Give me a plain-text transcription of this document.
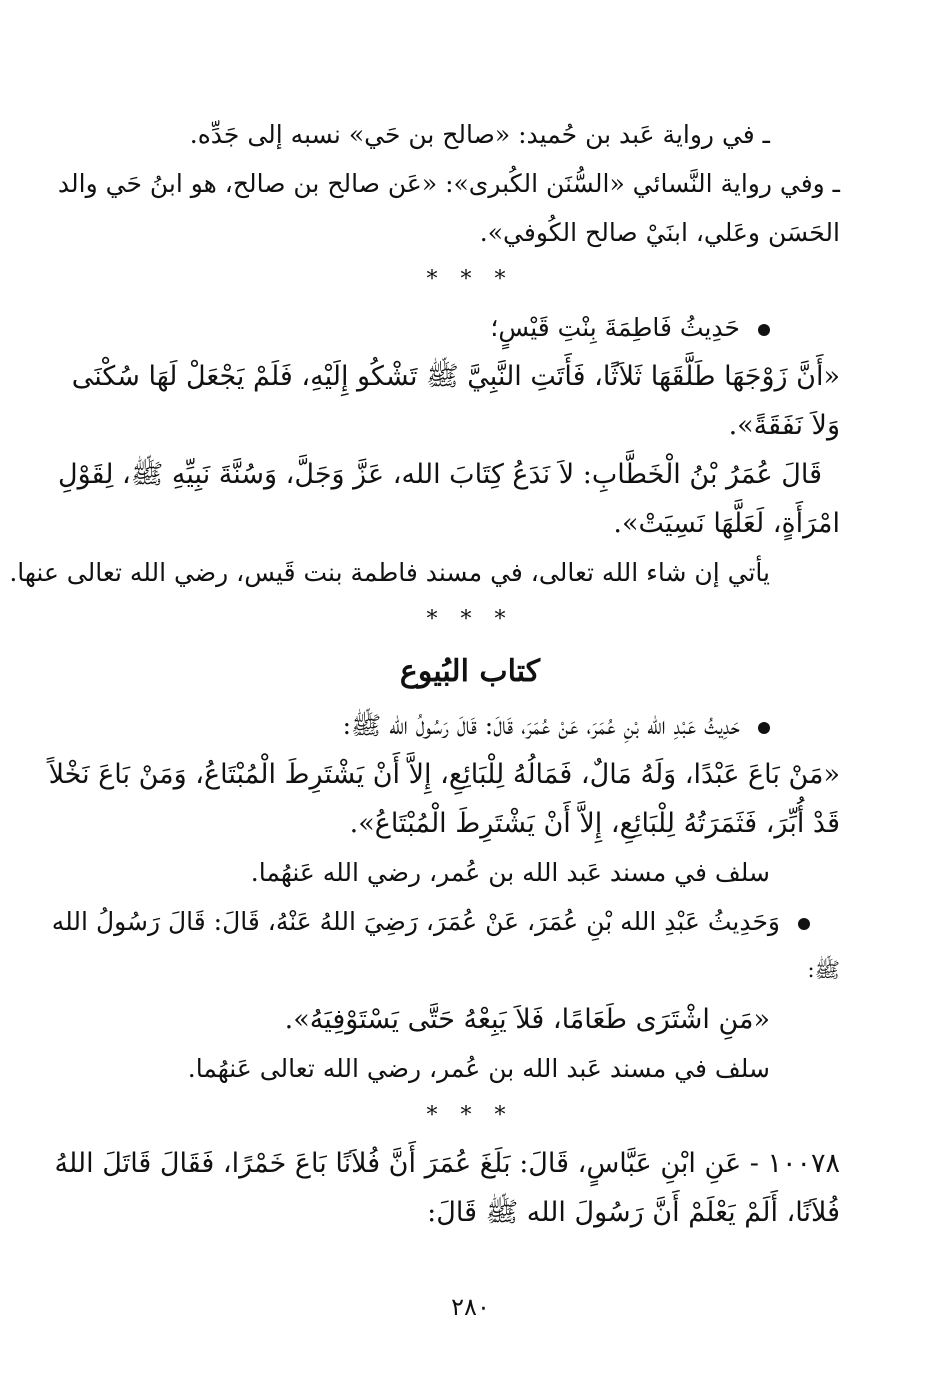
ـ في رواية عَبد بن حُميد: «صالح بن حَي» نسبه إلى جَدِّه.
ـ وفي رواية النَّسائي «السُّنَن الكُبرى»: «عَن صالح بن صالح، هو ابنُ حَي والد
الحَسَن وعَلي، ابنَيْ صالح الكُوفي».
* * *
حَدِيثُ فَاطِمَةَ بِنْتِ قَيْسٍ؛
«أَنَّ زَوْجَهَا طَلَّقَهَا ثَلاَثًا، فَأَتَتِ النَّبِيَّ ﷺ تَشْكُو إِلَيْهِ، فَلَمْ يَجْعَلْ لَهَا سُكْنَى
وَلاَ نَفَقَةً».
قَالَ عُمَرُ بْنُ الْخَطَّابِ: لاَ نَدَعُ كِتَابَ الله، عَزَّ وَجَلَّ، وَسُنَّةَ نَبِيِّهِ ﷺ، لِقَوْلِ
امْرَأَةٍ، لَعَلَّهَا نَسِيَتْ».
يأتي إن شاء الله تعالى، في مسند فاطمة بنت قَيس، رضي الله تعالى عنها.
* * *
كتاب البُيوع
حَدِيثُ عَبْدِ الله بْنِ عُمَرَ، عَنْ عُمَرَ، قَالَ: قَالَ رَسُولُ الله ﷺ:
«مَنْ بَاعَ عَبْدًا، وَلَهُ مَالٌ، فَمَالُهُ لِلْبَائِعِ، إِلاَّ أَنْ يَشْتَرِطَ الْمُبْتَاعُ، وَمَنْ بَاعَ نَخْلاً
قَدْ أُبِّرَ، فَثَمَرَتُهُ لِلْبَائِعِ، إِلاَّ أَنْ يَشْتَرِطَ الْمُبْتَاعُ».
سلف في مسند عَبد الله بن عُمر، رضي الله عَنهُما.
وَحَدِيثُ عَبْدِ الله بْنِ عُمَرَ، عَنْ عُمَرَ، رَضِيَ اللهُ عَنْهُ، قَالَ: قَالَ رَسُولُ الله
ﷺ:
«مَنِ اشْتَرَى طَعَامًا، فَلاَ يَبِعْهُ حَتَّى يَسْتَوْفِيَهُ».
سلف في مسند عَبد الله بن عُمر، رضي الله تعالى عَنهُما.
* * *
١٠٠٧٨ - عَنِ ابْنِ عَبَّاسٍ، قَالَ: بَلَغَ عُمَرَ أَنَّ فُلاَنًا بَاعَ خَمْرًا، فَقَالَ قَاتَلَ اللهُ
فُلاَنًا، أَلَمْ يَعْلَمْ أَنَّ رَسُولَ الله ﷺ قَالَ:
٢٨٠
